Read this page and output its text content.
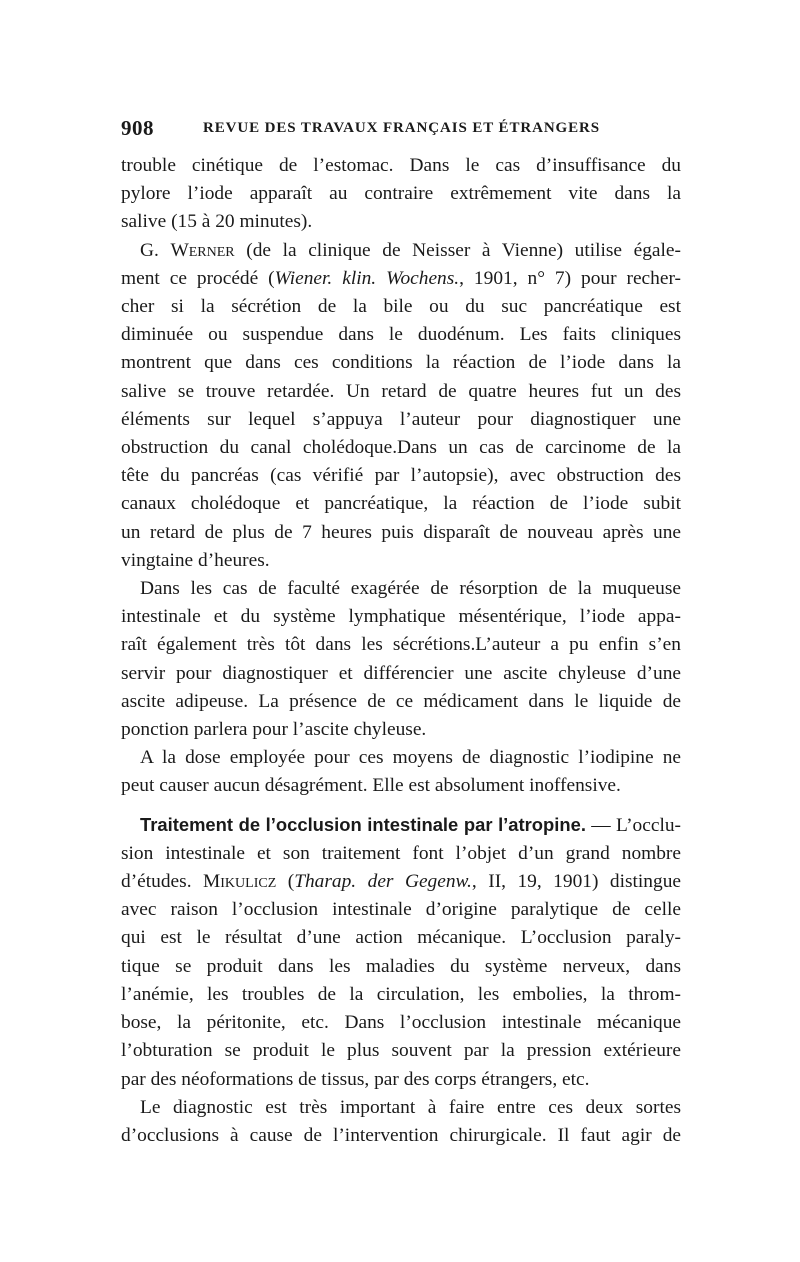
908	REVUE DES TRAVAUX FRANÇAIS ET ÉTRANGERS
trouble cinétique de l’estomac. Dans le cas d’insuffisance du
pylore l’iode apparaît au contraire extrêmement vite dans la
salive (15 à 20 minutes).
G. Werner (de la clinique de Neisser à Vienne) utilise égale-
ment ce procédé (Wiener. klin. Wochens., 1901, n° 7) pour recher-
cher si la sécrétion de la bile ou du suc pancréatique est
diminuée ou suspendue dans le duodénum. Les faits cliniques
montrent que dans ces conditions la réaction de l’iode dans la
salive se trouve retardée. Un retard de quatre heures fut un des
éléments sur lequel s’appuya l’auteur pour diagnostiquer une
obstruction du canal cholédoque.Dans un cas de carcinome de la
tête du pancréas (cas vérifié par l’autopsie), avec obstruction des
canaux cholédoque et pancréatique, la réaction de l’iode subit
un retard de plus de 7 heures puis disparaît de nouveau après une
vingtaine d’heures.
Dans les cas de faculté exagérée de résorption de la muqueuse
intestinale et du système lymphatique mésentérique, l’iode appa-
raît également très tôt dans les sécrétions.L’auteur a pu enfin s’en
servir pour diagnostiquer et différencier une ascite chyleuse d’une
ascite adipeuse. La présence de ce médicament dans le liquide de
ponction parlera pour l’ascite chyleuse.
A la dose employée pour ces moyens de diagnostic l’iodipine ne
peut causer aucun désagrément. Elle est absolument inoffensive.
Traitement de l’occlusion intestinale par l’atropine. — L’occlu-
sion intestinale et son traitement font l’objet d’un grand nombre
d’études. Mikulicz (Tharap. der Gegenw., II, 19, 1901) distingue
avec raison l’occlusion intestinale d’origine paralytique de celle
qui est le résultat d’une action mécanique. L’occlusion paraly-
tique se produit dans les maladies du système nerveux, dans
l’anémie, les troubles de la circulation, les embolies, la throm-
bose, la péritonite, etc. Dans l’occlusion intestinale mécanique
l’obturation se produit le plus souvent par la pression extérieure
par des néoformations de tissus, par des corps étrangers, etc.
Le diagnostic est très important à faire entre ces deux sortes
d’occlusions à cause de l’intervention chirurgicale. Il faut agir de
